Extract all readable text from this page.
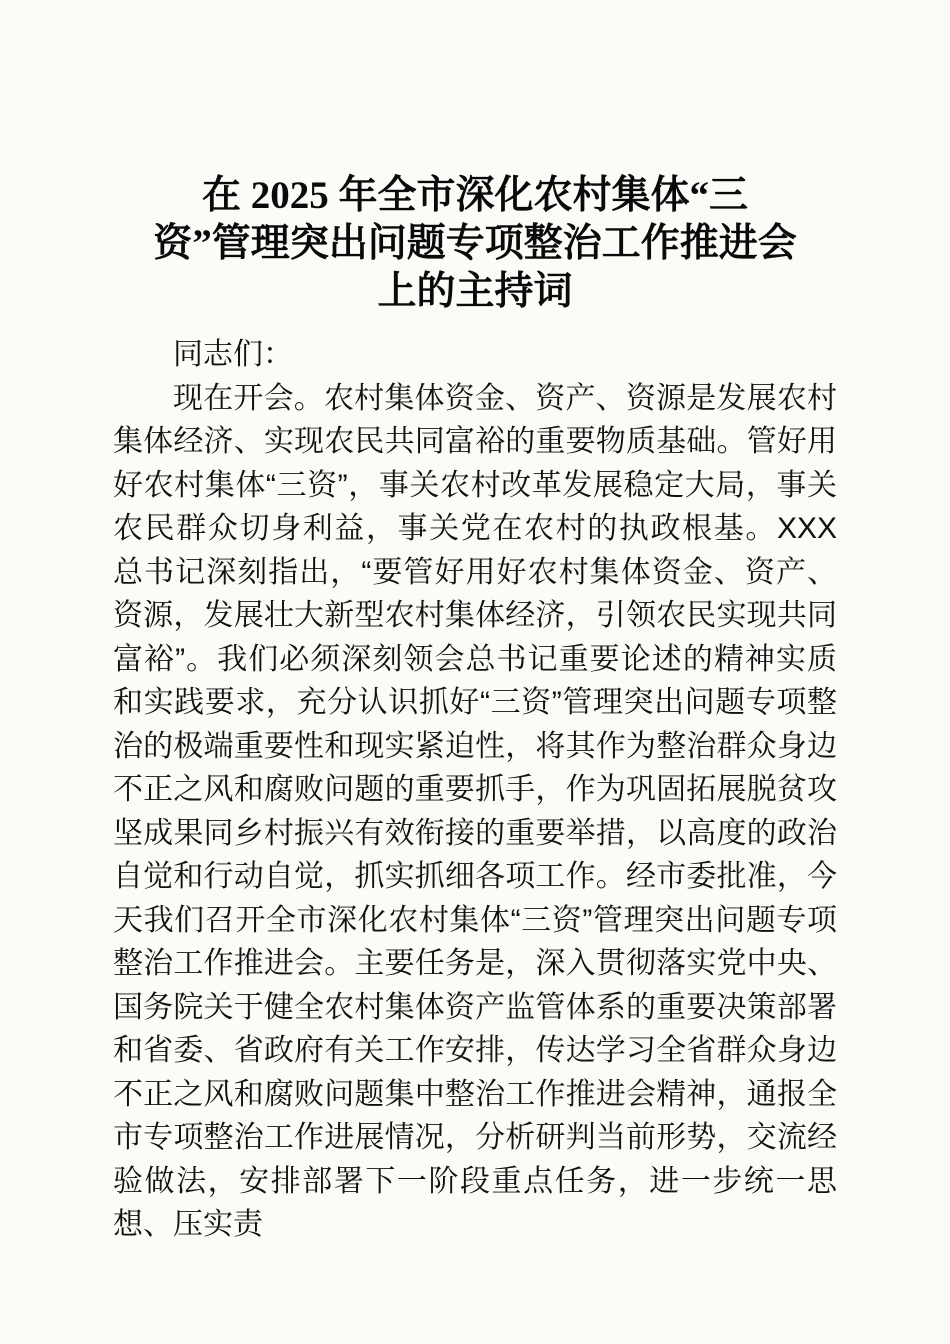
在 2025 年全市深化农村集体“三
资”管理突出问题专项整治工作推进会
上的主持词

同志们：

现在开会。农村集体资金、资产、资源是发展农村集体经济、实现农民共同富裕的重要物质基础。管好用好农村集体“三资”，事关农村改革发展稳定大局，事关农民群众切身利益，事关党在农村的执政根基。XXX 总书记深刻指出，“要管好用好农村集体资金、资产、资源，发展壮大新型农村集体经济，引领农民实现共同富裕”。我们必须深刻领会总书记重要论述的精神实质和实践要求，充分认识抓好“三资”管理突出问题专项整治的极端重要性和现实紧迫性，将其作为整治群众身边不正之风和腐败问题的重要抓手，作为巩固拓展脱贫攻坚成果同乡村振兴有效衔接的重要举措，以高度的政治自觉和行动自觉，抓实抓细各项工作。经市委批准，今天我们召开全市深化农村集体“三资”管理突出问题专项整治工作推进会。主要任务是，深入贯彻落实党中央、国务院关于健全农村集体资产监管体系的重要决策部署和省委、省政府有关工作安排，传达学习全省群众身边不正之风和腐败问题集中整治工作推进会精神，通报全市专项整治工作进展情况，分析研判当前形势，交流经验做法，安排部署下一阶段重点任务，进一步统一思想、压实责
